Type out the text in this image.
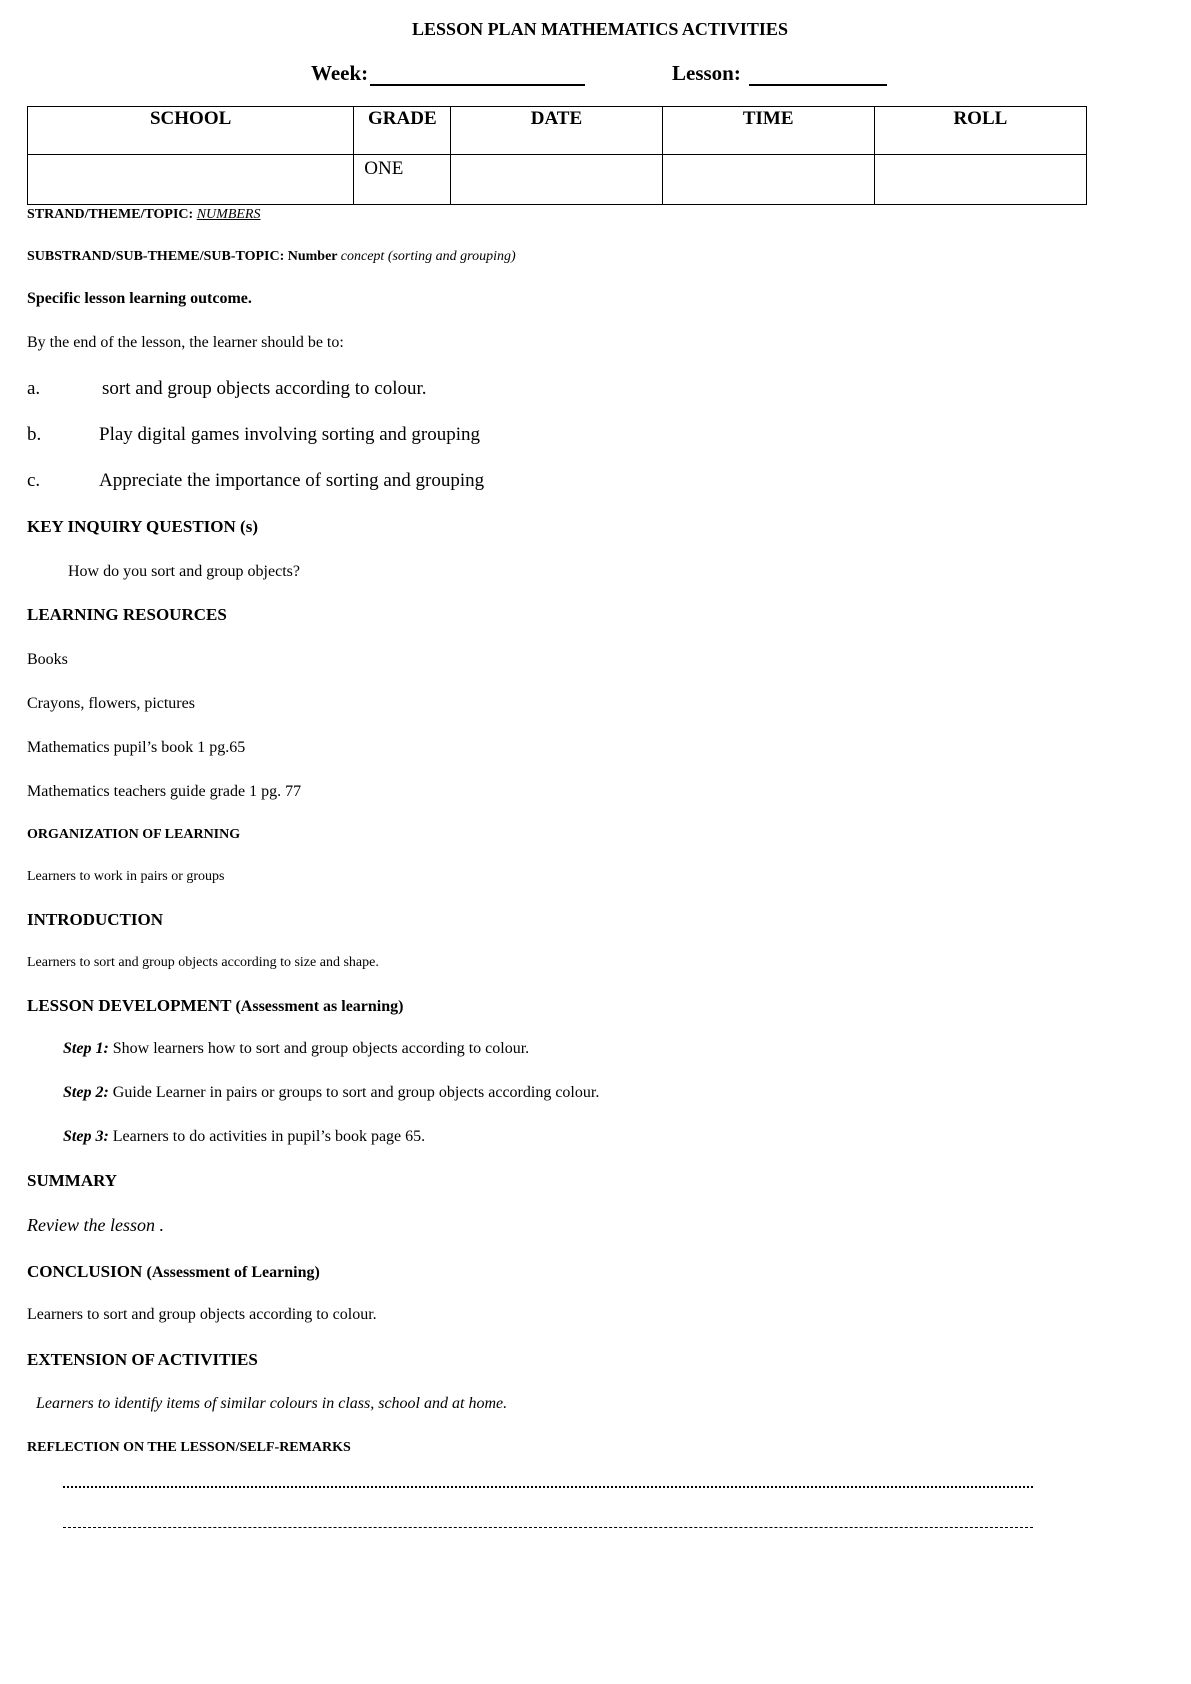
LESSON PLAN MATHEMATICS ACTIVITIES
Week:	Lesson:
SCHOOL	GRADE	DATE	TIME	ROLL
	ONE			
STRAND/THEME/TOPIC: NUMBERS
SUBSTRAND/SUB-THEME/SUB-TOPIC: Number concept (sorting and grouping)
Specific lesson learning outcome.
By the end of the lesson, the learner should be to:
a.	sort and group objects according to colour.
b.	Play digital games involving sorting and grouping
c.	Appreciate the importance of sorting and grouping
KEY INQUIRY QUESTION (s)
How do you sort and group objects?
LEARNING RESOURCES
Books
Crayons, flowers, pictures
Mathematics pupil’s book 1 pg.65
Mathematics teachers guide grade 1 pg. 77
ORGANIZATION OF LEARNING
Learners to work in pairs or groups
INTRODUCTION
Learners to sort and group objects according to size and shape.
LESSON DEVELOPMENT (Assessment as learning)
Step 1: Show learners how to sort and group objects according to colour.
Step 2: Guide Learner in pairs or groups to sort and group objects according colour.
Step 3: Learners to do activities in pupil’s book page 65.
SUMMARY
Review the lesson .
CONCLUSION (Assessment of Learning)
Learners to sort and group objects according to colour.
EXTENSION OF ACTIVITIES
Learners to identify items of similar colours in class, school and at home.
REFLECTION ON THE LESSON/SELF-REMARKS
